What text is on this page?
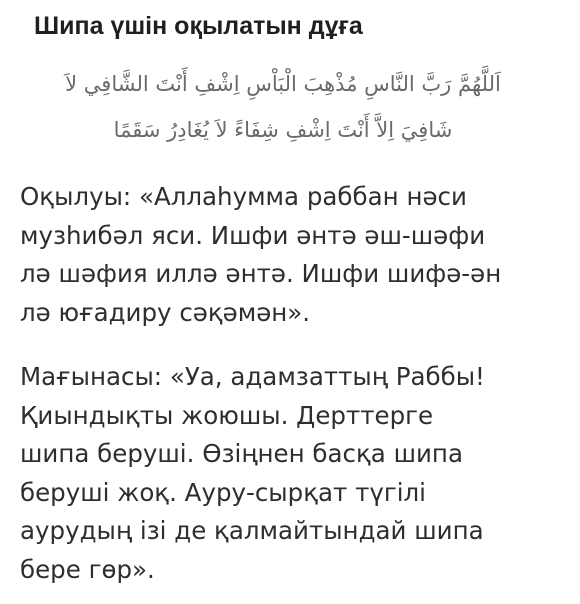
Шипа үшін оқылатын дұға
اَللَّهُمَّ رَبَّ النَّاسِ مُذْهِبَ الْبَاْسِ اِشْفِ أَنْتَ الشَّافِي لاَ
شَافِيَ اِلاَّ أَنْتَ اِشْفِ شِفَاءً لاَ يُغَادِرُ سَقَمًا

Оқылуы: «Аллаһумма раббан нәси
музһибәл яси. Ишфи әнтә әш-шәфи
лә шәфия иллә әнтә. Ишфи шифә-ән
лә юғадиру сәқәмән».

Мағынасы: «Уа, адамзаттың Раббы!
Қиындықты жоюшы. Дерттерге
шипа беруші. Өзіңнен басқа шипа
беруші жоқ. Ауру-сырқат түгілі
аурудың ізі де қалмайтындай шипа
бере гөр».
